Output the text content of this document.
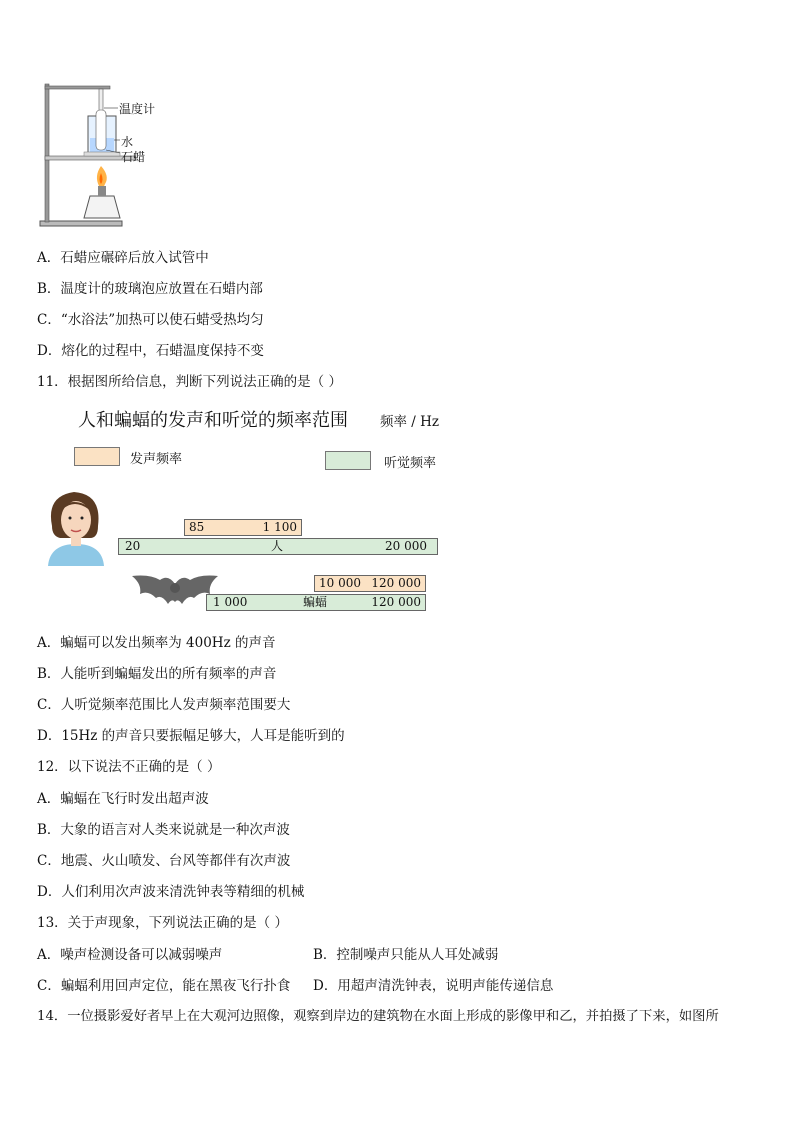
温度计
水
石蜡
A．石蜡应碾碎后放入试管中
B．温度计的玻璃泡应放置在石蜡内部
C．“水浴法”加热可以使石蜡受热均匀
D．熔化的过程中，石蜡温度保持不变
11．根据图所给信息，判断下列说法正确的是（ ）
人和蝙蝠的发声和听觉的频率范围 频率 / Hz
发声频率	听觉频率
85	1 100
20	人	20 000
10 000 120 000
1 000	蝙蝠	120 000
A．蝙蝠可以发出频率为 400Hz 的声音
B．人能听到蝙蝠发出的所有频率的声音
C．人听觉频率范围比人发声频率范围要大
D．15Hz 的声音只要振幅足够大，人耳是能听到的
12．以下说法不正确的是（ ）
A．蝙蝠在飞行时发出超声波
B．大象的语言对人类来说就是一种次声波
C．地震、火山喷发、台风等都伴有次声波
D．人们利用次声波来清洗钟表等精细的机械
13．关于声现象，下列说法正确的是（ ）
A．噪声检测设备可以减弱噪声	B．控制噪声只能从人耳处减弱
C．蝙蝠利用回声定位，能在黑夜飞行扑食 D．用超声清洗钟表，说明声能传递信息
14．一位摄影爱好者早上在大观河边照像，观察到岸边的建筑物在水面上形成的影像甲和乙，并拍摄了下来，如图所
